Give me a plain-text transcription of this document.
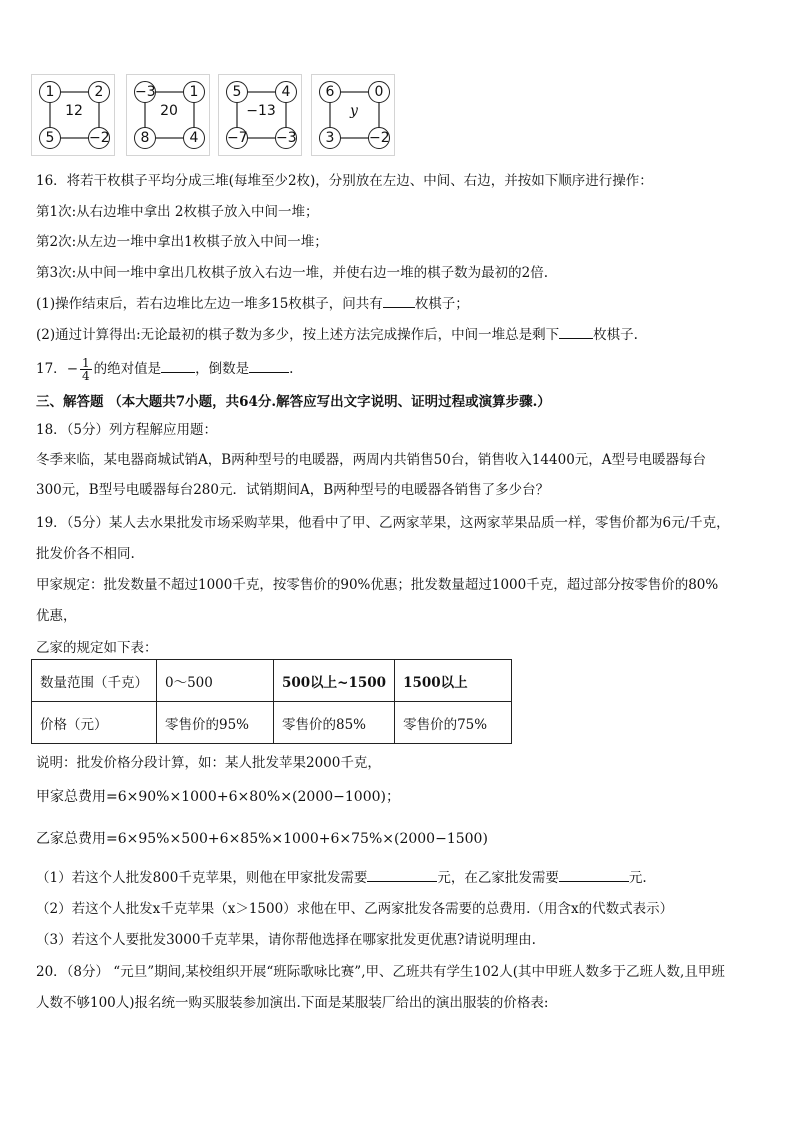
1	2
5	−2
12
−3	1
8	4
20
5	4
−7 −3
−13
6	0
3	−2
y
16．将若干枚棋子平均分成三堆(每堆至少2枚)，分别放在左边、中间、右边，并按如下顺序进行操作：
第1次:从右边堆中拿出 2枚棋子放入中间一堆；
第2次:从左边一堆中拿出1枚棋子放入中间一堆；
第3次:从中间一堆中拿出几枚棋子放入右边一堆，并使右边一堆的棋子数为最初的2倍.
(1)操作结束后，若右边堆比左边一堆多15枚棋子，问共有 枚棋子；
(2)通过计算得出:无论最初的棋子数为多少，按上述方法完成操作后，中间一堆总是剩下	枚棋子.
17．− $\frac{1}{4}$ 的绝对值是	，倒数是	.
三、解答题 （本大题共7小题，共64分.解答应写出文字说明、证明过程或演算步骤.）
18．（5分）列方程解应用题：
冬季来临，某电器商城试销A，B两种型号的电暖器，两周内共销售50台，销售收入14400元，A型号电暖器每台
300元，B型号电暖器每台280元．试销期间A，B两种型号的电暖器各销售了多少台？
19．（5分）某人去水果批发市场采购苹果，他看中了甲、乙两家苹果，这两家苹果品质一样，零售价都为6元/千克，
批发价各不相同.
甲家规定：批发数量不超过1000千克，按零售价的90%优惠；批发数量超过1000千克，超过部分按零售价的80%
优惠，
乙家的规定如下表：
数量范围（千克）	0～500	500以上~1500	1500以上
价格（元）	零售价的95%	零售价的85%	零售价的75%
说明：批发价格分段计算，如：某人批发苹果2000千克，
甲家总费用=6×90%×1000+6×80%×(2000−1000)；
乙家总费用=6×95%×500+6×85%×1000+6×75%×(2000−1500)
（1）若这个人批发800千克苹果，则他在甲家批发需要	元，在乙家批发需要	元.
（2）若这个人批发x千克苹果（x＞1500）求他在甲、乙两家批发各需要的总费用.（用含x的代数式表示）
（3）若这个人要批发3000千克苹果，请你帮他选择在哪家批发更优惠?请说明理由.
20．（8分） “元旦”期间,某校组织开展“班际歌咏比赛”,甲、乙班共有学生102人(其中甲班人数多于乙班人数,且甲班
人数不够100人)报名统一购买服装参加演出.下面是某服装厂给出的演出服装的价格表:
